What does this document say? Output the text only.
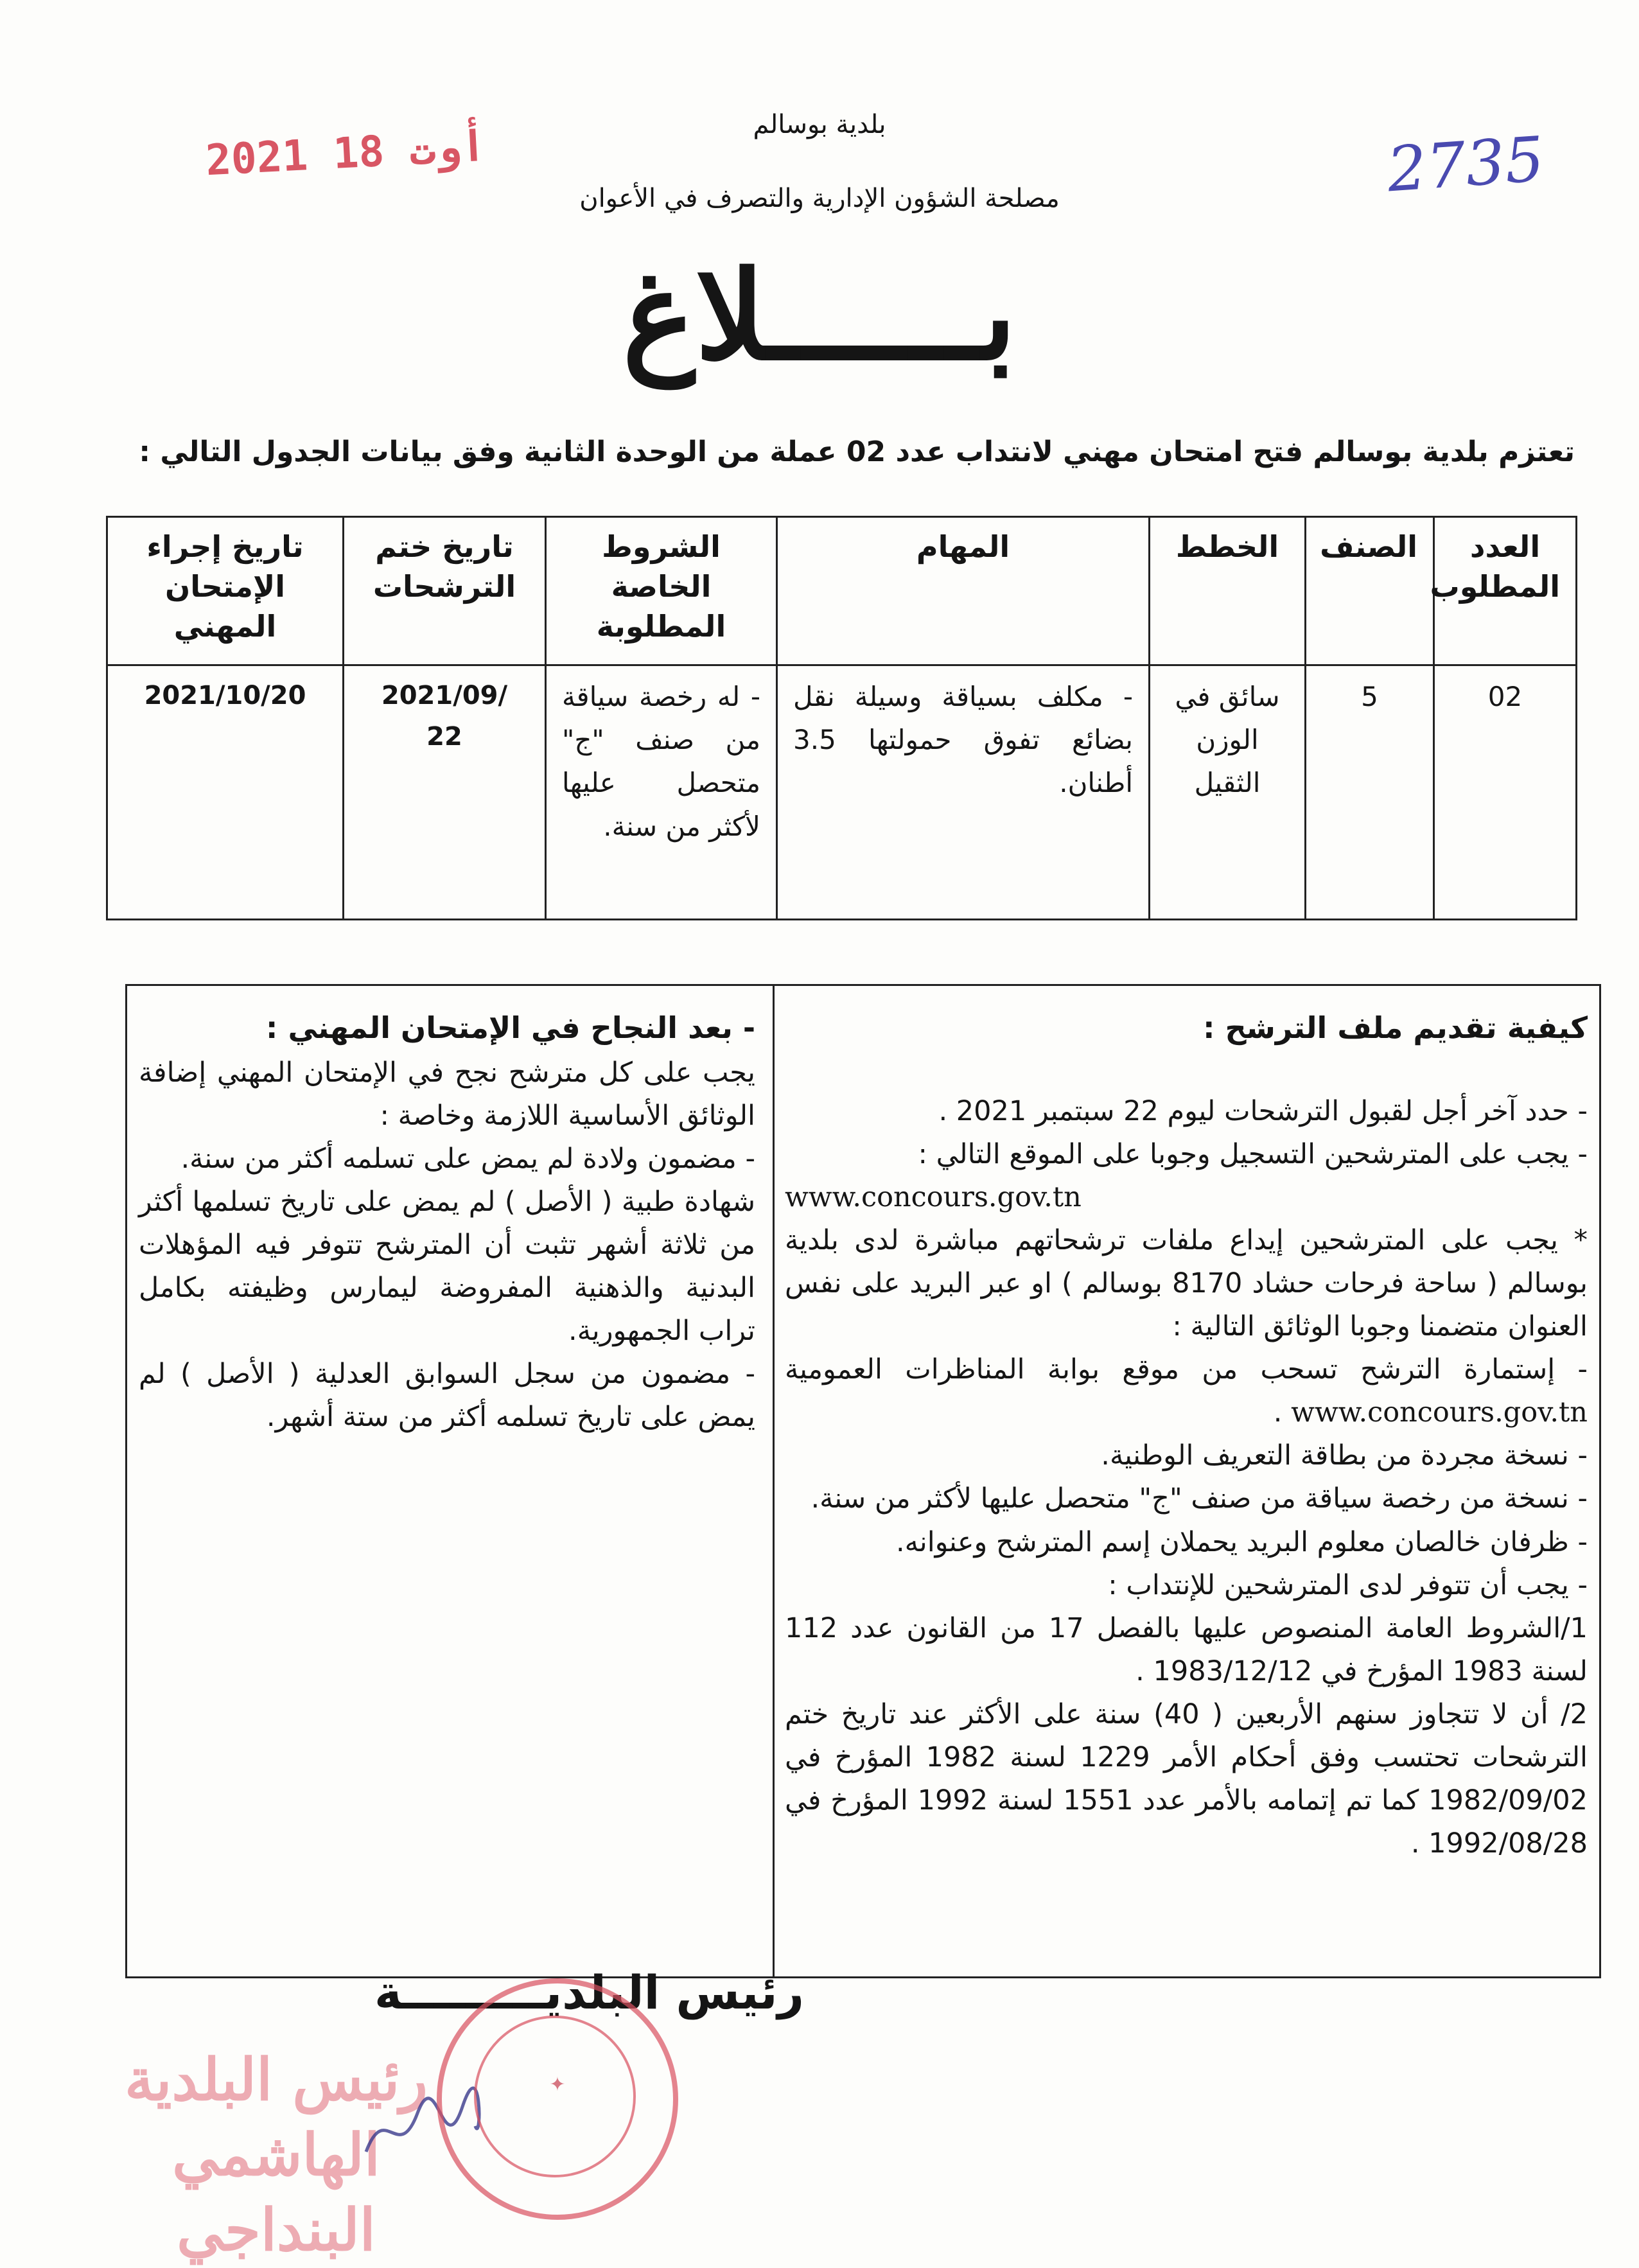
بلدية بوسالم
مصلحة الشؤون الإدارية والتصرف في الأعوان
2021 أوت 18	2735
بــــــلاغ
تعتزم بلدية بوسالم فتح امتحان مهني لانتداب عدد 02 عملة من الوحدة الثانية وفق بيانات الجدول التالي :
العدد المطلوب	الصنف	الخطط	المهام	الشروط الخاصة المطلوبة	تاريخ ختم الترشحات	تاريخ إجراء الإمتحان المهني
02	5	سائق في الوزن الثقيل	- مكلف بسياقة وسيلة نقل بضائع تفوق حمولتها 3.5 أطنان.	- له رخصة سياقة من صنف "ج" متحصل عليها لأكثر من سنة.	2021/09/ 22	2021/10/20
كيفية تقديم ملف الترشح :

- حدد آخر أجل لقبول الترشحات ليوم 22 سبتمبر 2021 .

- يجب على المترشحين التسجيل وجوبا على الموقع التالي :

www.concours.gov.tn

* يجب على المترشحين إيداع ملفات ترشحاتهم مباشرة لدى بلدية بوسالم ( ساحة فرحات حشاد 8170 بوسالم ) او عبر البريد على نفس العنوان متضمنا وجوبا الوثائق التالية :

- إستمارة الترشح تسحب من موقع بوابة المناظرات العمومية www.concours.gov.tn .

- نسخة مجردة من بطاقة التعريف الوطنية.

- نسخة من رخصة سياقة من صنف "ج" متحصل عليها لأكثر من سنة.

- ظرفان خالصان معلوم البريد يحملان إسم المترشح وعنوانه.

- يجب أن تتوفر لدى المترشحين للإنتداب :

1/الشروط العامة المنصوص عليها بالفصل 17 من القانون عدد 112 لسنة 1983 المؤرخ في 1983/12/12 .

2/ أن لا تتجاوز سنهم الأربعين ( 40) سنة على الأكثر عند تاريخ ختم الترشحات تحتسب وفق أحكام الأمر 1229 لسنة 1982 المؤرخ في 1982/09/02 كما تم إتمامه بالأمر عدد 1551 لسنة 1992 المؤرخ في 1992/08/28 .

- بعد النجاح في الإمتحان المهني :

يجب على كل مترشح نجح في الإمتحان المهني إضافة الوثائق الأساسية اللازمة وخاصة :

- مضمون ولادة لم يمض على تسلمه أكثر من سنة.

شهادة طبية ( الأصل ) لم يمض على تاريخ تسلمها أكثر من ثلاثة أشهر تثبت أن المترشح تتوفر فيه المؤهلات البدنية والذهنية المفروضة ليمارس وظيفته بكامل تراب الجمهورية.

- مضمون من سجل السوابق العدلية ( الأصل ) لم يمض على تاريخ تسلمه أكثر من ستة أشهر.

رئيس البلديـــــــــة
رئيس البلدية
الهاشمي البنداجي
✦
